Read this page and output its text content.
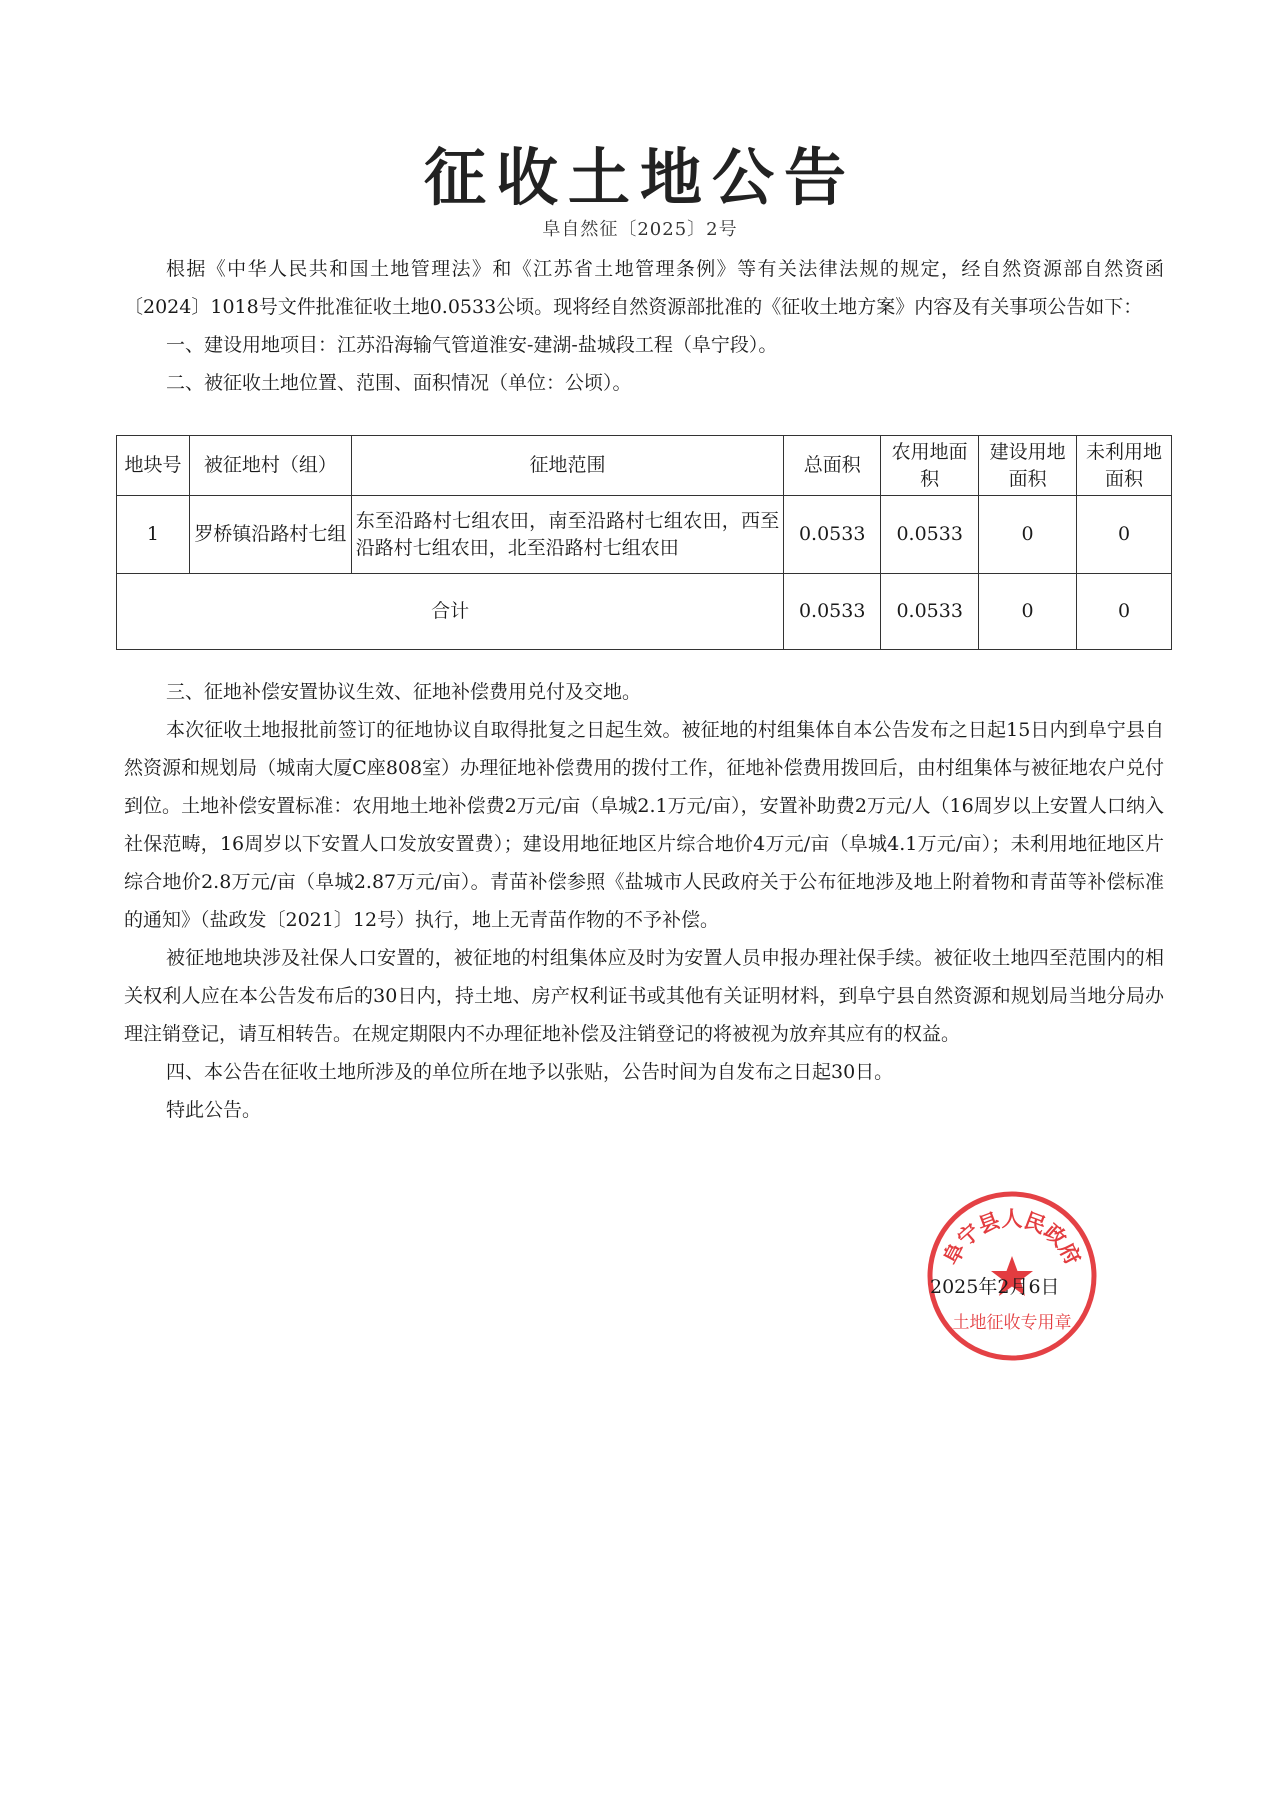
征收土地公告
阜自然征〔2025〕2号

根据《中华人民共和国土地管理法》和《江苏省土地管理条例》等有关法律法规的规定，经自然资源部自然资函〔2024〕1018号文件批准征收土地0.0533公顷。现将经自然资源部批准的《征收土地方案》内容及有关事项公告如下：

一、建设用地项目：江苏沿海输气管道淮安-建湖-盐城段工程（阜宁段）。

二、被征收土地位置、范围、面积情况（单位：公顷）。

地块号	被征地村（组）	征地范围	总面积	农用地面积	建设用地面积	未利用地面积
1	罗桥镇沿路村七组	东至沿路村七组农田，南至沿路村七组农田，西至沿路村七组农田，北至沿路村七组农田	0.0533	0.0533	0	0
合计			0.0533	0.0533	0	0

三、征地补偿安置协议生效、征地补偿费用兑付及交地。

本次征收土地报批前签订的征地协议自取得批复之日起生效。被征地的村组集体自本公告发布之日起15日内到阜宁县自然资源和规划局（城南大厦C座808室）办理征地补偿费用的拨付工作，征地补偿费用拨回后，由村组集体与被征地农户兑付到位。土地补偿安置标准：农用地土地补偿费2万元/亩（阜城2.1万元/亩），安置补助费2万元/人（16周岁以上安置人口纳入社保范畴，16周岁以下安置人口发放安置费）；建设用地征地区片综合地价4万元/亩（阜城4.1万元/亩）；未利用地征地区片综合地价2.8万元/亩（阜城2.87万元/亩）。青苗补偿参照《盐城市人民政府关于公布征地涉及地上附着物和青苗等补偿标准的通知》（盐政发〔2021〕12号）执行，地上无青苗作物的不予补偿。

被征地地块涉及社保人口安置的，被征地的村组集体应及时为安置人员申报办理社保手续。被征收土地四至范围内的相关权利人应在本公告发布后的30日内，持土地、房产权利证书或其他有关证明材料，到阜宁县自然资源和规划局当地分局办理注销登记，请互相转告。在规定期限内不办理征地补偿及注销登记的将被视为放弃其应有的权益。

四、本公告在征收土地所涉及的单位所在地予以张贴，公告时间为自发布之日起30日。

特此公告。

阜宁县人民政府
土地征收专用章
2025年2月6日
